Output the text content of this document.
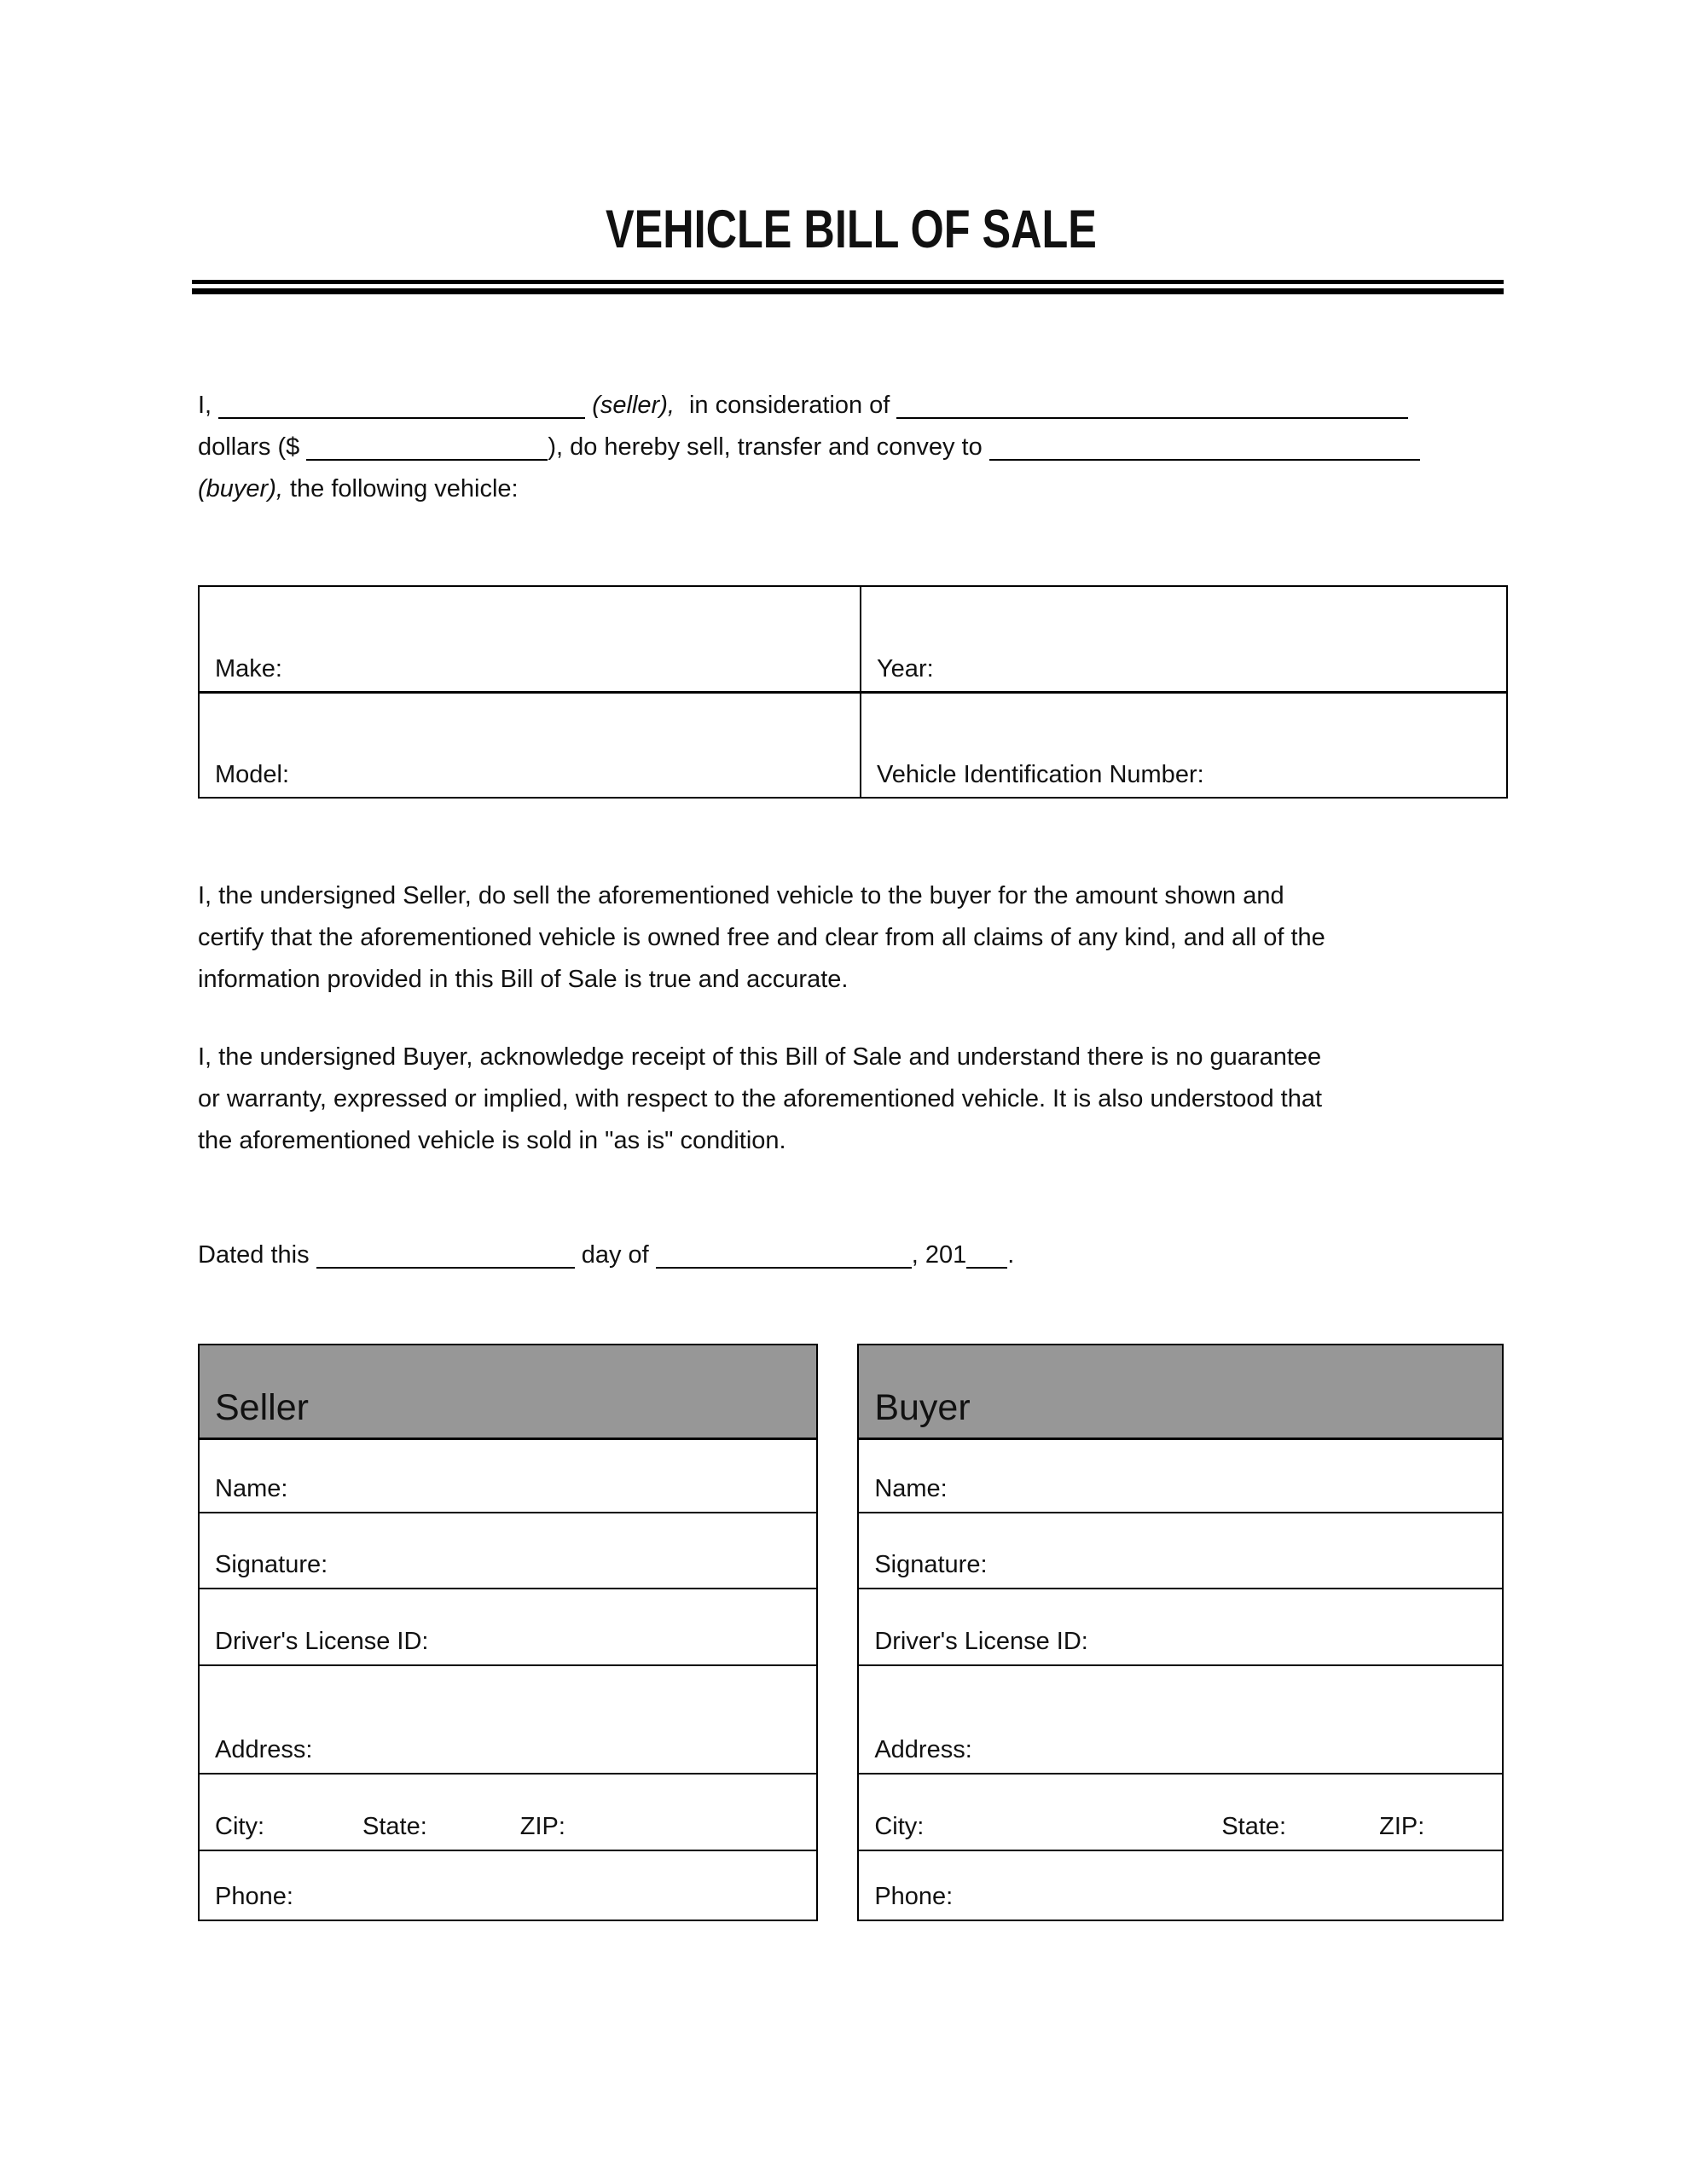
VEHICLE BILL OF SALE
I,	(seller), in consideration of
dollars ($	), do hereby sell, transfer and convey to
(buyer), the following vehicle:
Make:	Year:
Model:	Vehicle Identification Number:
I, the undersigned Seller, do sell the aforementioned vehicle to the buyer for the amount shown and
certify that the aforementioned vehicle is owned free and clear from all claims of any kind, and all of the
information provided in this Bill of Sale is true and accurate.
I, the undersigned Buyer, acknowledge receipt of this Bill of Sale and understand there is no guarantee
or warranty, expressed or implied, with respect to the aforementioned vehicle. It is also understood that
the aforementioned vehicle is sold in "as is" condition.
Dated this	day of	, 201 .
Seller
Name:
Signature:
Driver's License ID:
Address:
City:	State:	ZIP:
Phone:
Buyer
Name:
Signature:
Driver's License ID:
Address:
City:	State:	ZIP:
Phone:
